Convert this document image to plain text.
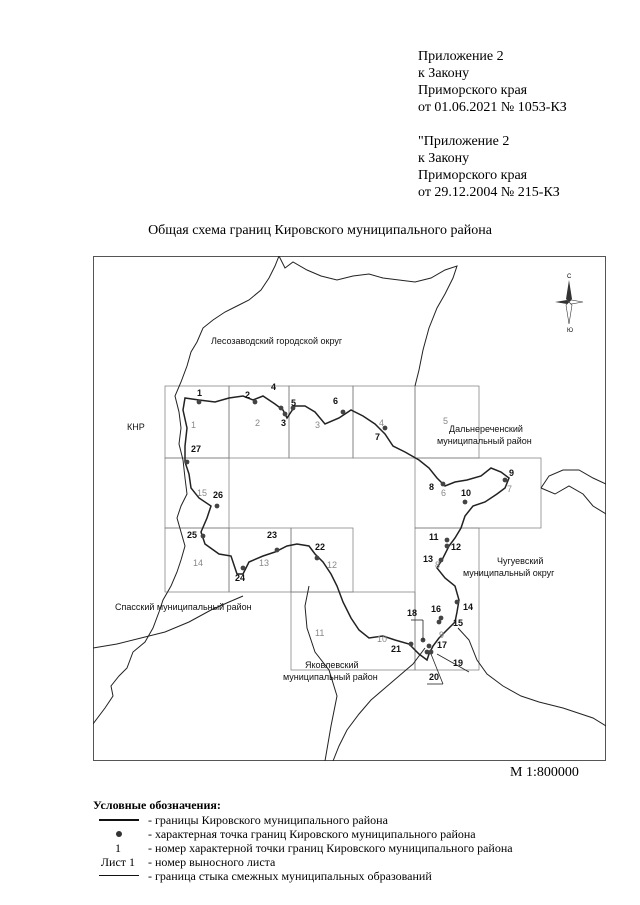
Приложение 2
к Закону
Приморского края
от 01.06.2021 № 1053-КЗ
"Приложение 2
к Закону
Приморского края
от 29.12.2004 № 215-КЗ
Общая схема границ Кировского муниципального района
С
Ю
Лесозаводский городской округ
КНР	Дальнереченский
муниципальный район
Чугуевский
муниципальный округ
Спасский муниципальный район
Яковлевский
муниципальный район
1	2
3
4
5	6
7
8
9
10
11
12
13
14
15
16
17
18
19
20
21
22
23
24
25
26
27
1	2	3	4	5
6	7
8
9
10
11
12
13
14
15
М 1:800000
Условные обозначения:
- границы Кировского муниципального района
- характерная точка границ Кировского муниципального района
1	- номер характерной точки границ Кировского муниципального района
Лист 1	- номер выносного листа
- граница стыка смежных муниципальных образований
